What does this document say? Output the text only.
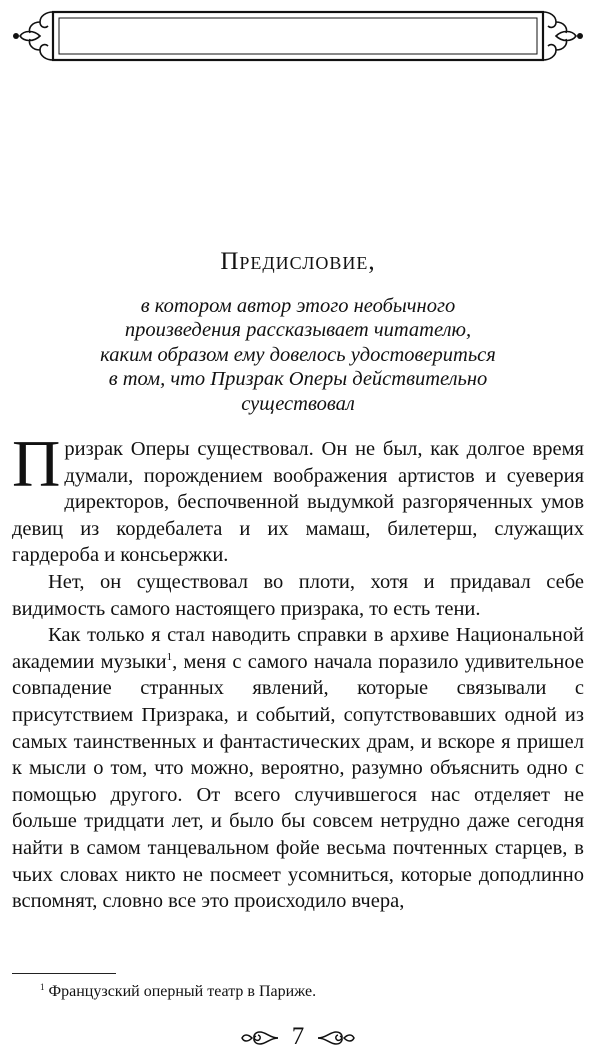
Предисловие,
в котором автор этого необычного
произведения рассказывает читателю,
каким образом ему довелось удостовериться
в том, что Призрак Оперы действительно
существовал

Призрак Оперы существовал. Он не был, как долгое время думали, порождением воображения артистов и суеверия директоров, беспочвенной выдумкой разгоряченных умов девиц из кордебалета и их мамаш, билетерш, служащих гардероба и консьержки.

Нет, он существовал во плоти, хотя и придавал себе видимость самого настоящего призрака, то есть тени.

Как только я стал наводить справки в архиве Национальной академии музыки$^1$, меня с самого начала поразило удивительное совпадение странных явлений, которые связывали с присутствием Призрака, и событий, сопутствовавших одной из самых таинственных и фантастических драм, и вскоре я пришел к мысли о том, что можно, вероятно, разумно объяснить одно с помощью другого. От всего случившегося нас отделяет не больше тридцати лет, и было бы совсем нетрудно даже сегодня найти в самом танцевальном фойе весьма почтенных старцев, в чьих словах никто не посмеет усомниться, которые доподлинно вспомнят, словно все это происходило вчера,

$^1$ Французский оперный театр в Париже.
7
